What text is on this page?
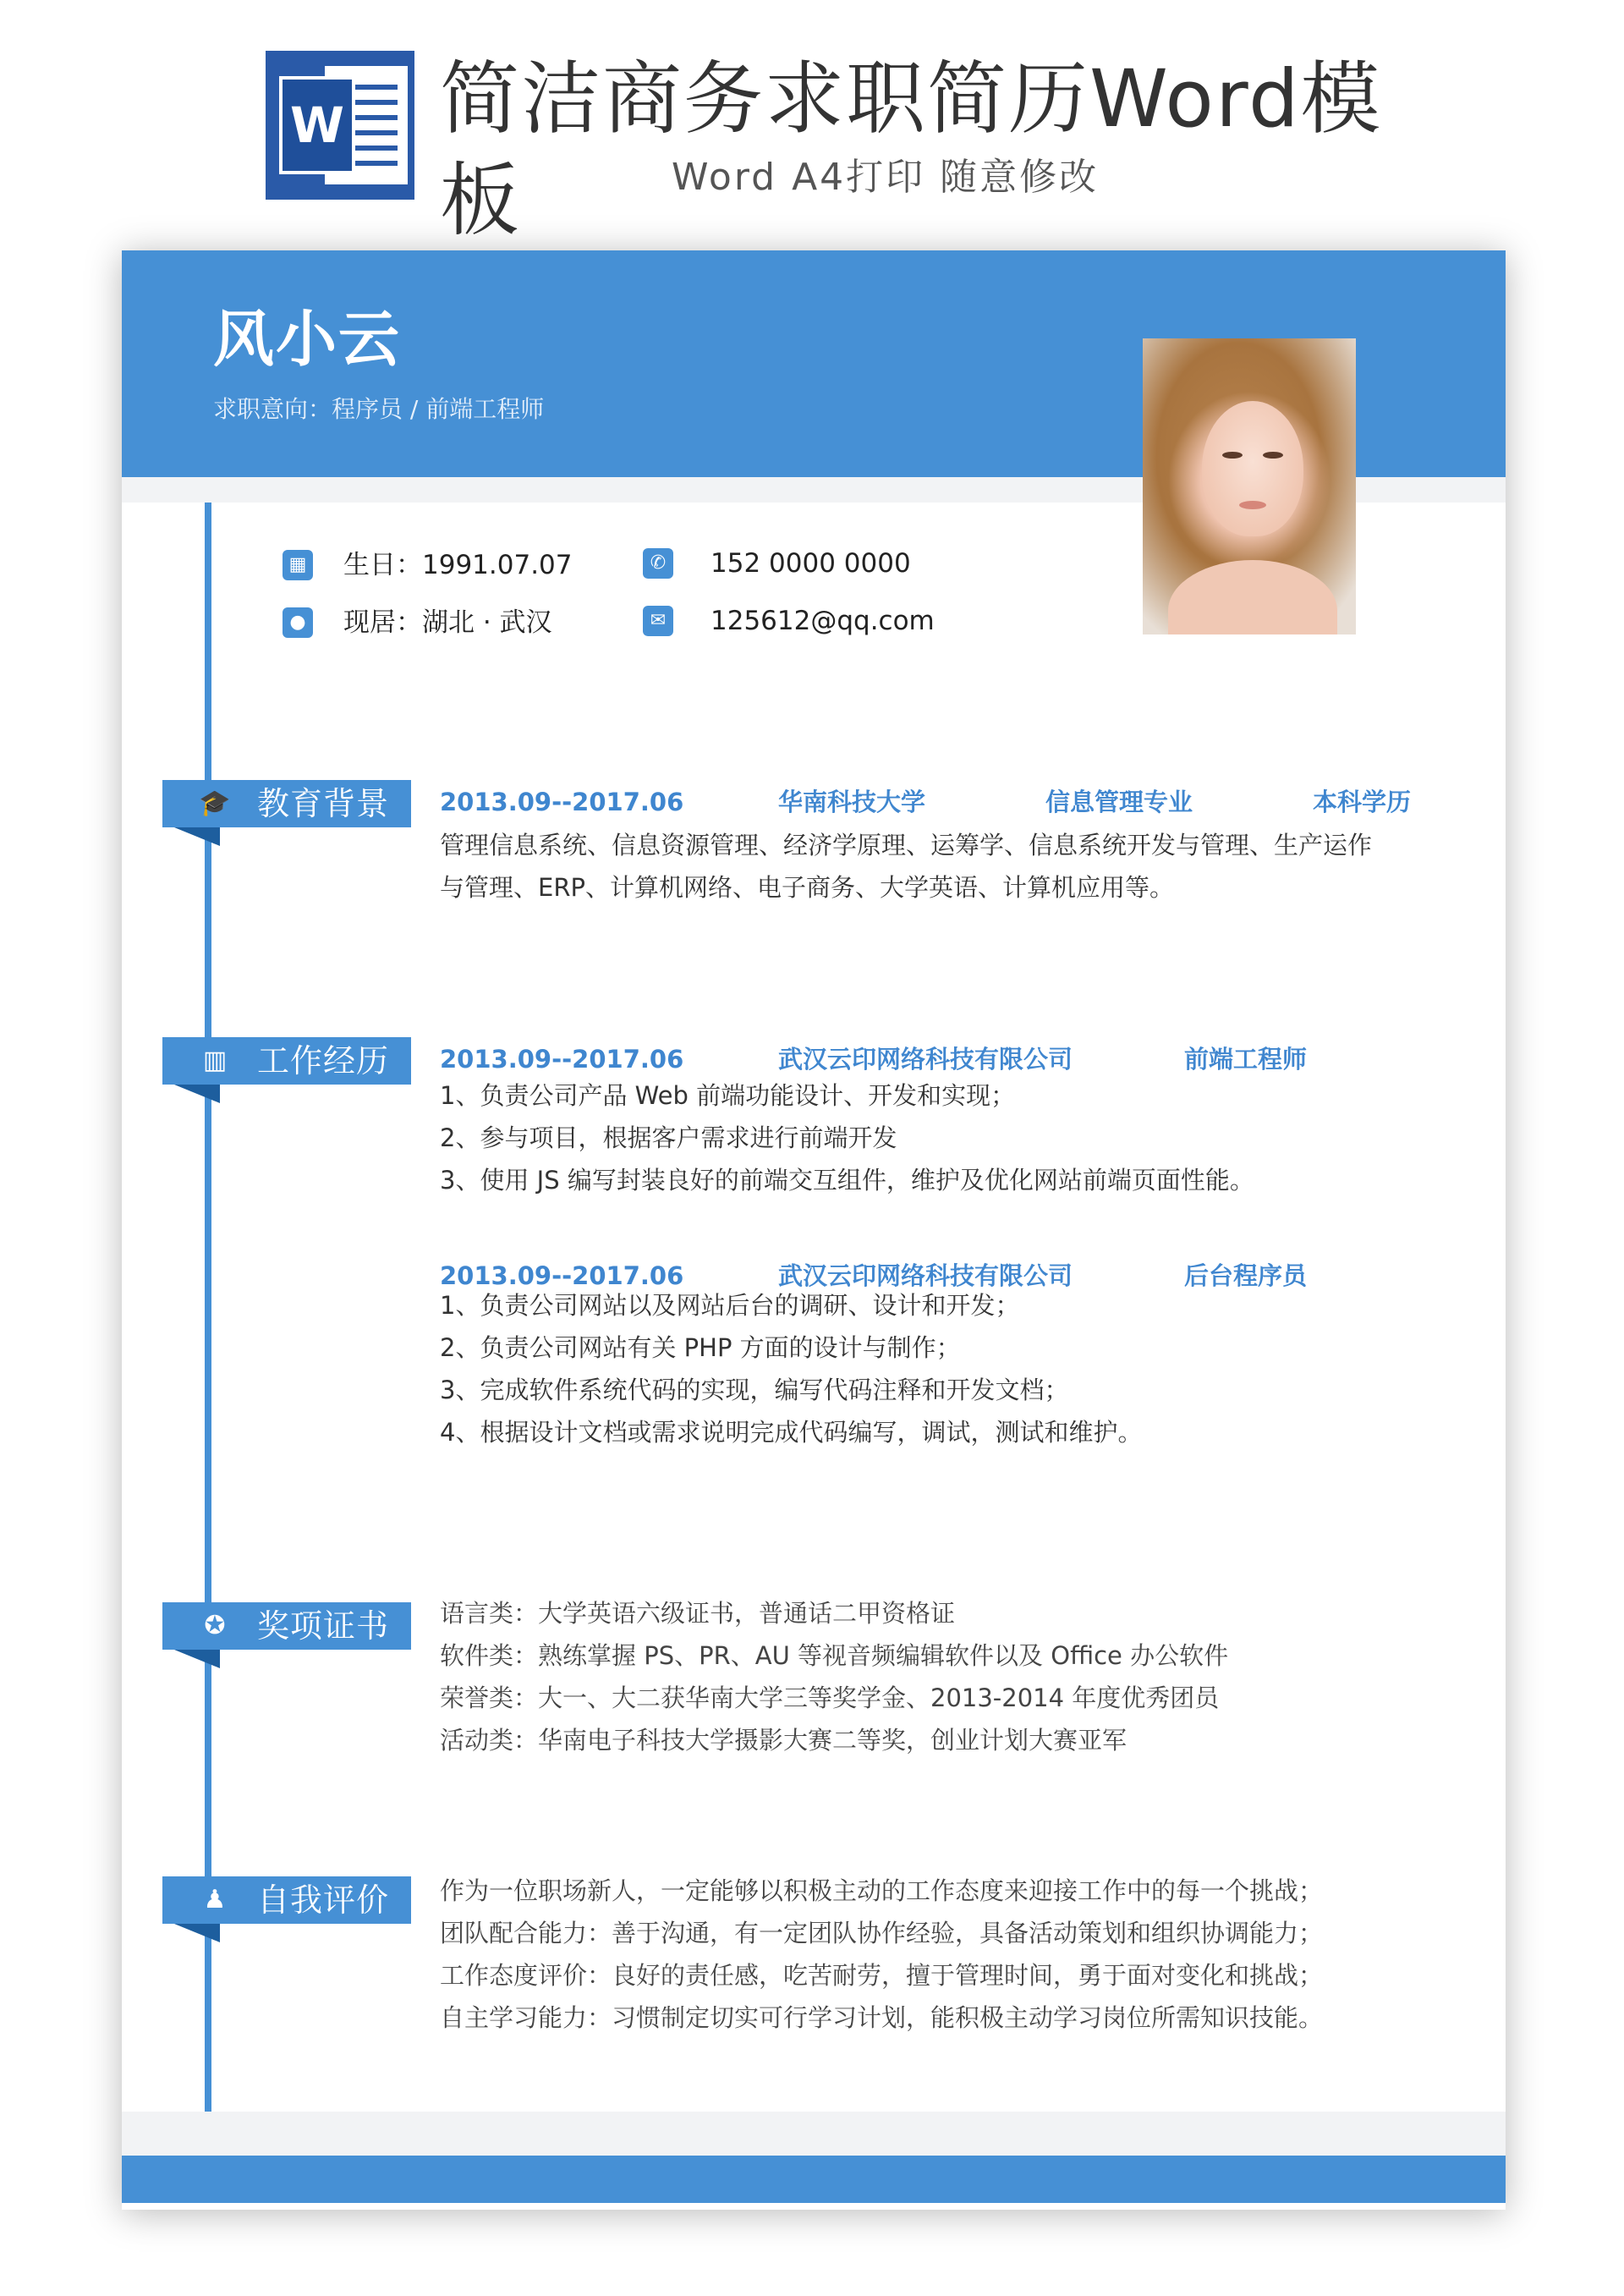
W 简洁商务求职简历Word模板	Word A4打印 随意修改
风小云
求职意向：程序员 / 前端工程师
▦ 生日：1991.07.07	✆ 152 0000 0000
● 现居：湖北 · 武汉	✉ 125612@qq.com
🎓 教育背景 2013.09--2017.06	华南科技大学	信息管理专业	本科学历
管理信息系统、信息资源管理、经济学原理、运筹学、信息系统开发与管理、生产运作与管理、ERP、计算机网络、电子商务、大学英语、计算机应用等。
▥ 工作经历 2013.09--2017.06	武汉云印网络科技有限公司	前端工程师
1、负责公司产品 Web 前端功能设计、开发和实现；
2、参与项目，根据客户需求进行前端开发
3、使用 JS 编写封装良好的前端交互组件，维护及优化网站前端页面性能。
2013.09--2017.06	武汉云印网络科技有限公司	后台程序员
1、负责公司网站以及网站后台的调研、设计和开发；
2、负责公司网站有关 PHP 方面的设计与制作；
3、完成软件系统代码的实现，编写代码注释和开发文档；
4、根据设计文档或需求说明完成代码编写，调试，测试和维护。
✪ 奖项证书 语言类：大学英语六级证书，普通话二甲资格证
软件类：熟练掌握 PS、PR、AU 等视音频编辑软件以及 Office 办公软件
荣誉类：大一、大二获华南大学三等奖学金、2013-2014 年度优秀团员
活动类：华南电子科技大学摄影大赛二等奖，创业计划大赛亚军
♟ 自我评价 作为一位职场新人，一定能够以积极主动的工作态度来迎接工作中的每一个挑战；
团队配合能力：善于沟通，有一定团队协作经验，具备活动策划和组织协调能力；
工作态度评价：良好的责任感，吃苦耐劳，擅于管理时间，勇于面对变化和挑战；
自主学习能力：习惯制定切实可行学习计划，能积极主动学习岗位所需知识技能。
